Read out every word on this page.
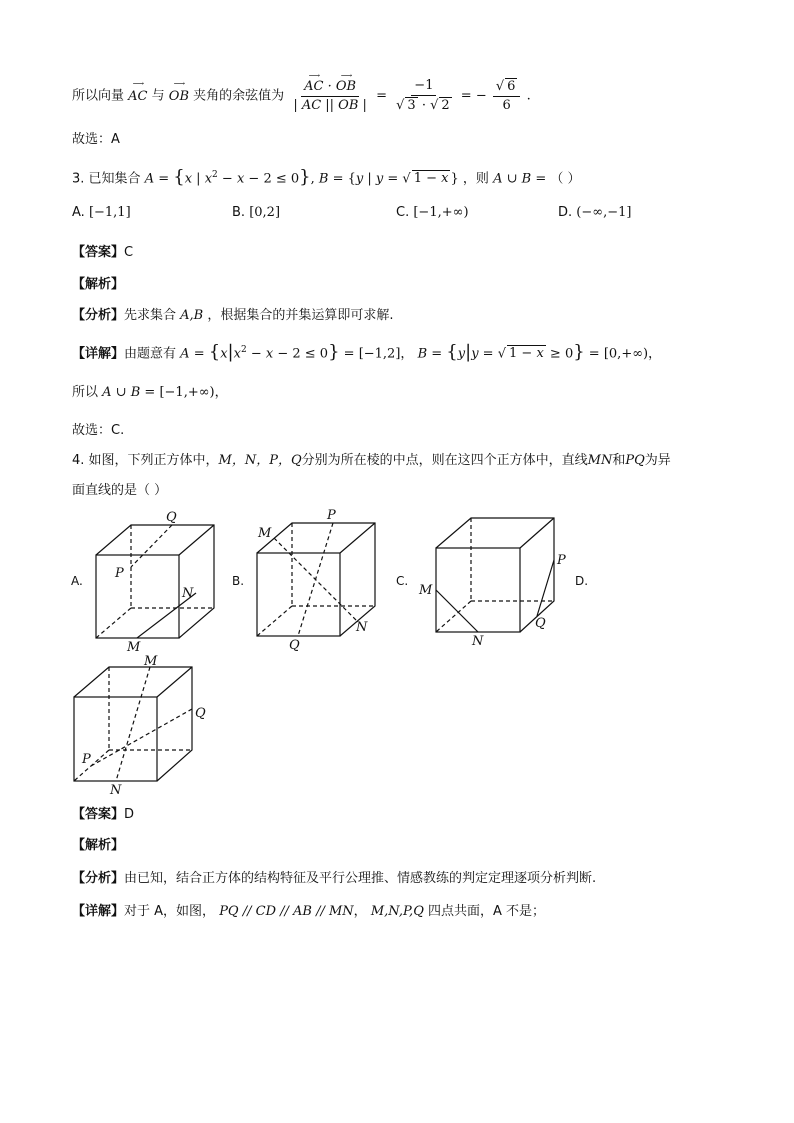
所以向量
⟶
AC 与
⟶
OB 夹角的余弦值为 ⟶
AC ·
⟶
OB
| AC || OB | = $\frac{-1}{√ 3 \cdot √ 2}$ = − $\frac{√ 6}{6}$ .
故选：A
3. 已知集合 A = {x | $x^2 - x - 2 \le 0$}, B = {y | y = √ 1 − x } ，则 A ∪ B = （ ）
A. [−1,1]	B. [0,2]	C. [−1,+∞)	D. (−∞,−1]
【答案】C
【解析】
【分析】先求集合 A,B ，根据集合的并集运算即可求解.
【详解】由题意有 $A = \{x|x^2 - x - 2 \le 0\} = [-1,2]$， B = {y|y = √ 1 − x ≥ 0} = [0,+∞)，
所以 A ∪ B = [−1,+∞)，
故选：C.
4. 如图，下列正方体中，M，N，P，Q分别为所在棱的中点，则在这四个正方体中，直线MN和PQ为异
面直线的是（ ）
Q
P
N
M
A.
M
P
N
Q
B.
M
P
Q
N
C.	D.
M
Q
P
N
【答案】D
【解析】
【分析】由已知，结合正方体的结构特征及平行公理推、情感教练的判定定理逐项分析判断.
【详解】对于 A，如图， PQ // CD // AB // MN， M,N,P,Q 四点共面，A 不是；
